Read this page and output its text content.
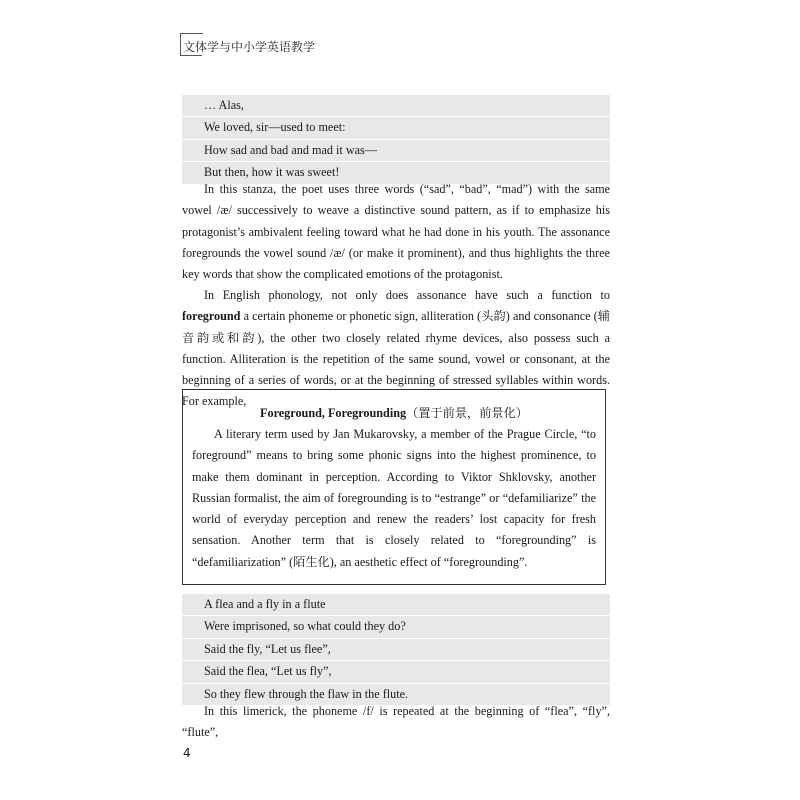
文体学与中小学英语教学
… Alas,
We loved, sir—used to meet:
How sad and bad and mad it was—
But then, how it was sweet!

In this stanza, the poet uses three words (“sad”, “bad”, “mad”) with the same vowel /æ/ successively to weave a distinctive sound pattern, as if to emphasize his protagonist’s ambivalent feeling toward what he had done in his youth. The assonance foregrounds the vowel sound /æ/ (or make it prominent), and thus highlights the three key words that show the complicated emotions of the protagonist.

In English phonology, not only does assonance have such a function to foreground a certain phoneme or phonetic sign, alliteration (头韵) and consonance (辅音韵或和韵), the other two closely related rhyme devices, also possess such a function. Alliteration is the repetition of the same sound, vowel or consonant, at the beginning of a series of words, or at the beginning of stressed syllables within words. For example,

Foreground, Foregrounding（置于前景，前景化）

A literary term used by Jan Mukarovsky, a member of the Prague Circle, “to foreground” means to bring some phonic signs into the highest prominence, to make them dominant in perception. According to Viktor Shklovsky, another Russian formalist, the aim of foregrounding is to “estrange” or “defamiliarize” the world of everyday perception and renew the readers’ lost capacity for fresh sensation. Another term that is closely related to “foregrounding” is “defamiliarization” (陌生化), an aesthetic effect of “foregrounding”.

A flea and a fly in a flute
Were imprisoned, so what could they do?
Said the fly, “Let us flee”,
Said the flea, “Let us fly”,
So they flew through the flaw in the flute.

In this limerick, the phoneme /f/ is repeated at the beginning of “flea”, “fly”, “flute”,

4
